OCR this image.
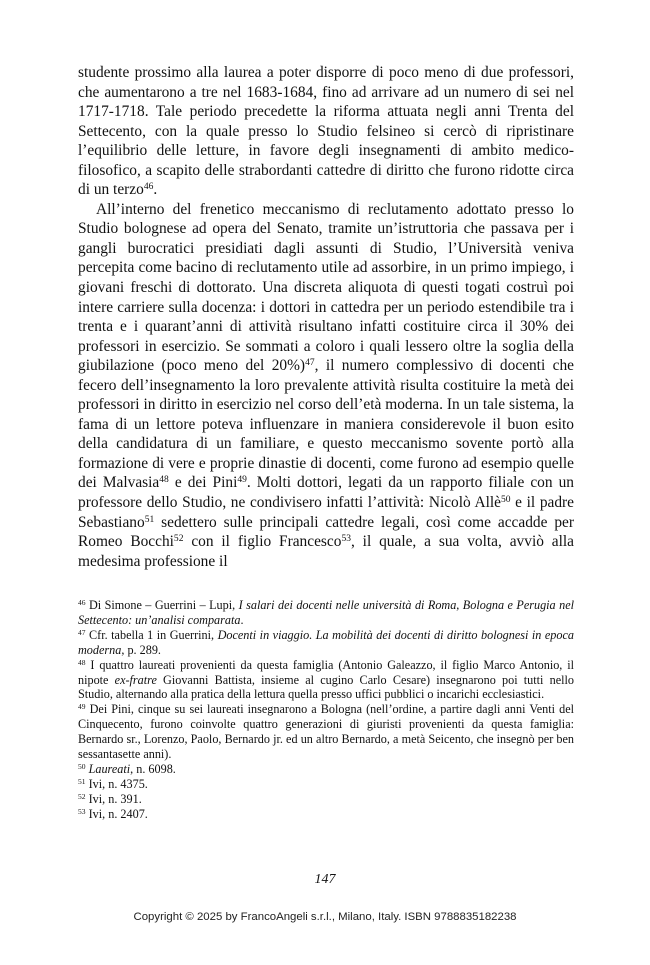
studente prossimo alla laurea a poter disporre di poco meno di due professori, che aumentarono a tre nel 1683-1684, fino ad arrivare ad un numero di sei nel 1717-1718. Tale periodo precedette la riforma attuata negli anni Trenta del Settecento, con la quale presso lo Studio felsineo si cercò di ripristinare l’equilibrio delle letture, in favore degli insegnamenti di ambito medico-filosofico, a scapito delle strabordanti cattedre di diritto che furono ridotte circa di un terzo$^{46}$.

All’interno del frenetico meccanismo di reclutamento adottato presso lo Studio bolognese ad opera del Senato, tramite un’istruttoria che passava per i gangli burocratici presidiati dagli assunti di Studio, l’Università veniva percepita come bacino di reclutamento utile ad assorbire, in un primo impiego, i giovani freschi di dottorato. Una discreta aliquota di questi togati costruì poi intere carriere sulla docenza: i dottori in cattedra per un periodo estendibile tra i trenta e i quarant’anni di attività risultano infatti costituire circa il 30% dei professori in esercizio. Se sommati a coloro i quali lessero oltre la soglia della giubilazione (poco meno del 20%)$^{47}$, il numero complessivo di docenti che fecero dell’insegnamento la loro prevalente attività risulta costituire la metà dei professori in diritto in esercizio nel corso dell’età moderna. In un tale sistema, la fama di un lettore poteva influenzare in maniera considerevole il buon esito della candidatura di un familiare, e questo meccanismo sovente portò alla formazione di vere e proprie dinastie di docenti, come furono ad esempio quelle dei Malvasia$^{48}$ e dei Pini$^{49}$. Molti dottori, legati da un rapporto filiale con un professore dello Studio, ne condivisero infatti l’attività: Nicolò Allè$^{50}$ e il padre Sebastiano$^{51}$ sedettero sulle principali cattedre legali, così come accadde per Romeo Bocchi$^{52}$ con il figlio Francesco$^{53}$, il quale, a sua volta, avviò alla medesima professione il

$^{46}$ Di Simone – Guerrini – Lupi, I salari dei docenti nelle università di Roma, Bologna e Perugia nel Settecento: un’analisi comparata.

$^{47}$ Cfr. tabella 1 in Guerrini, Docenti in viaggio. La mobilità dei docenti di diritto bolognesi in epoca moderna, p. 289.

$^{48}$ I quattro laureati provenienti da questa famiglia (Antonio Galeazzo, il figlio Marco Antonio, il nipote ex-fratre Giovanni Battista, insieme al cugino Carlo Cesare) insegnarono poi tutti nello Studio, alternando alla pratica della lettura quella presso uffici pubblici o incarichi ecclesiastici.

$^{49}$ Dei Pini, cinque su sei laureati insegnarono a Bologna (nell’ordine, a partire dagli anni Venti del Cinquecento, furono coinvolte quattro generazioni di giuristi provenienti da questa famiglia: Bernardo sr., Lorenzo, Paolo, Bernardo jr. ed un altro Bernardo, a metà Seicento, che insegnò per ben sessantasette anni).

$^{50}$ Laureati, n. 6098.

$^{51}$ Ivi, n. 4375.

$^{52}$ Ivi, n. 391.

$^{53}$ Ivi, n. 2407.

147
Copyright © 2025 by FrancoAngeli s.r.l., Milano, Italy. ISBN 9788835182238
